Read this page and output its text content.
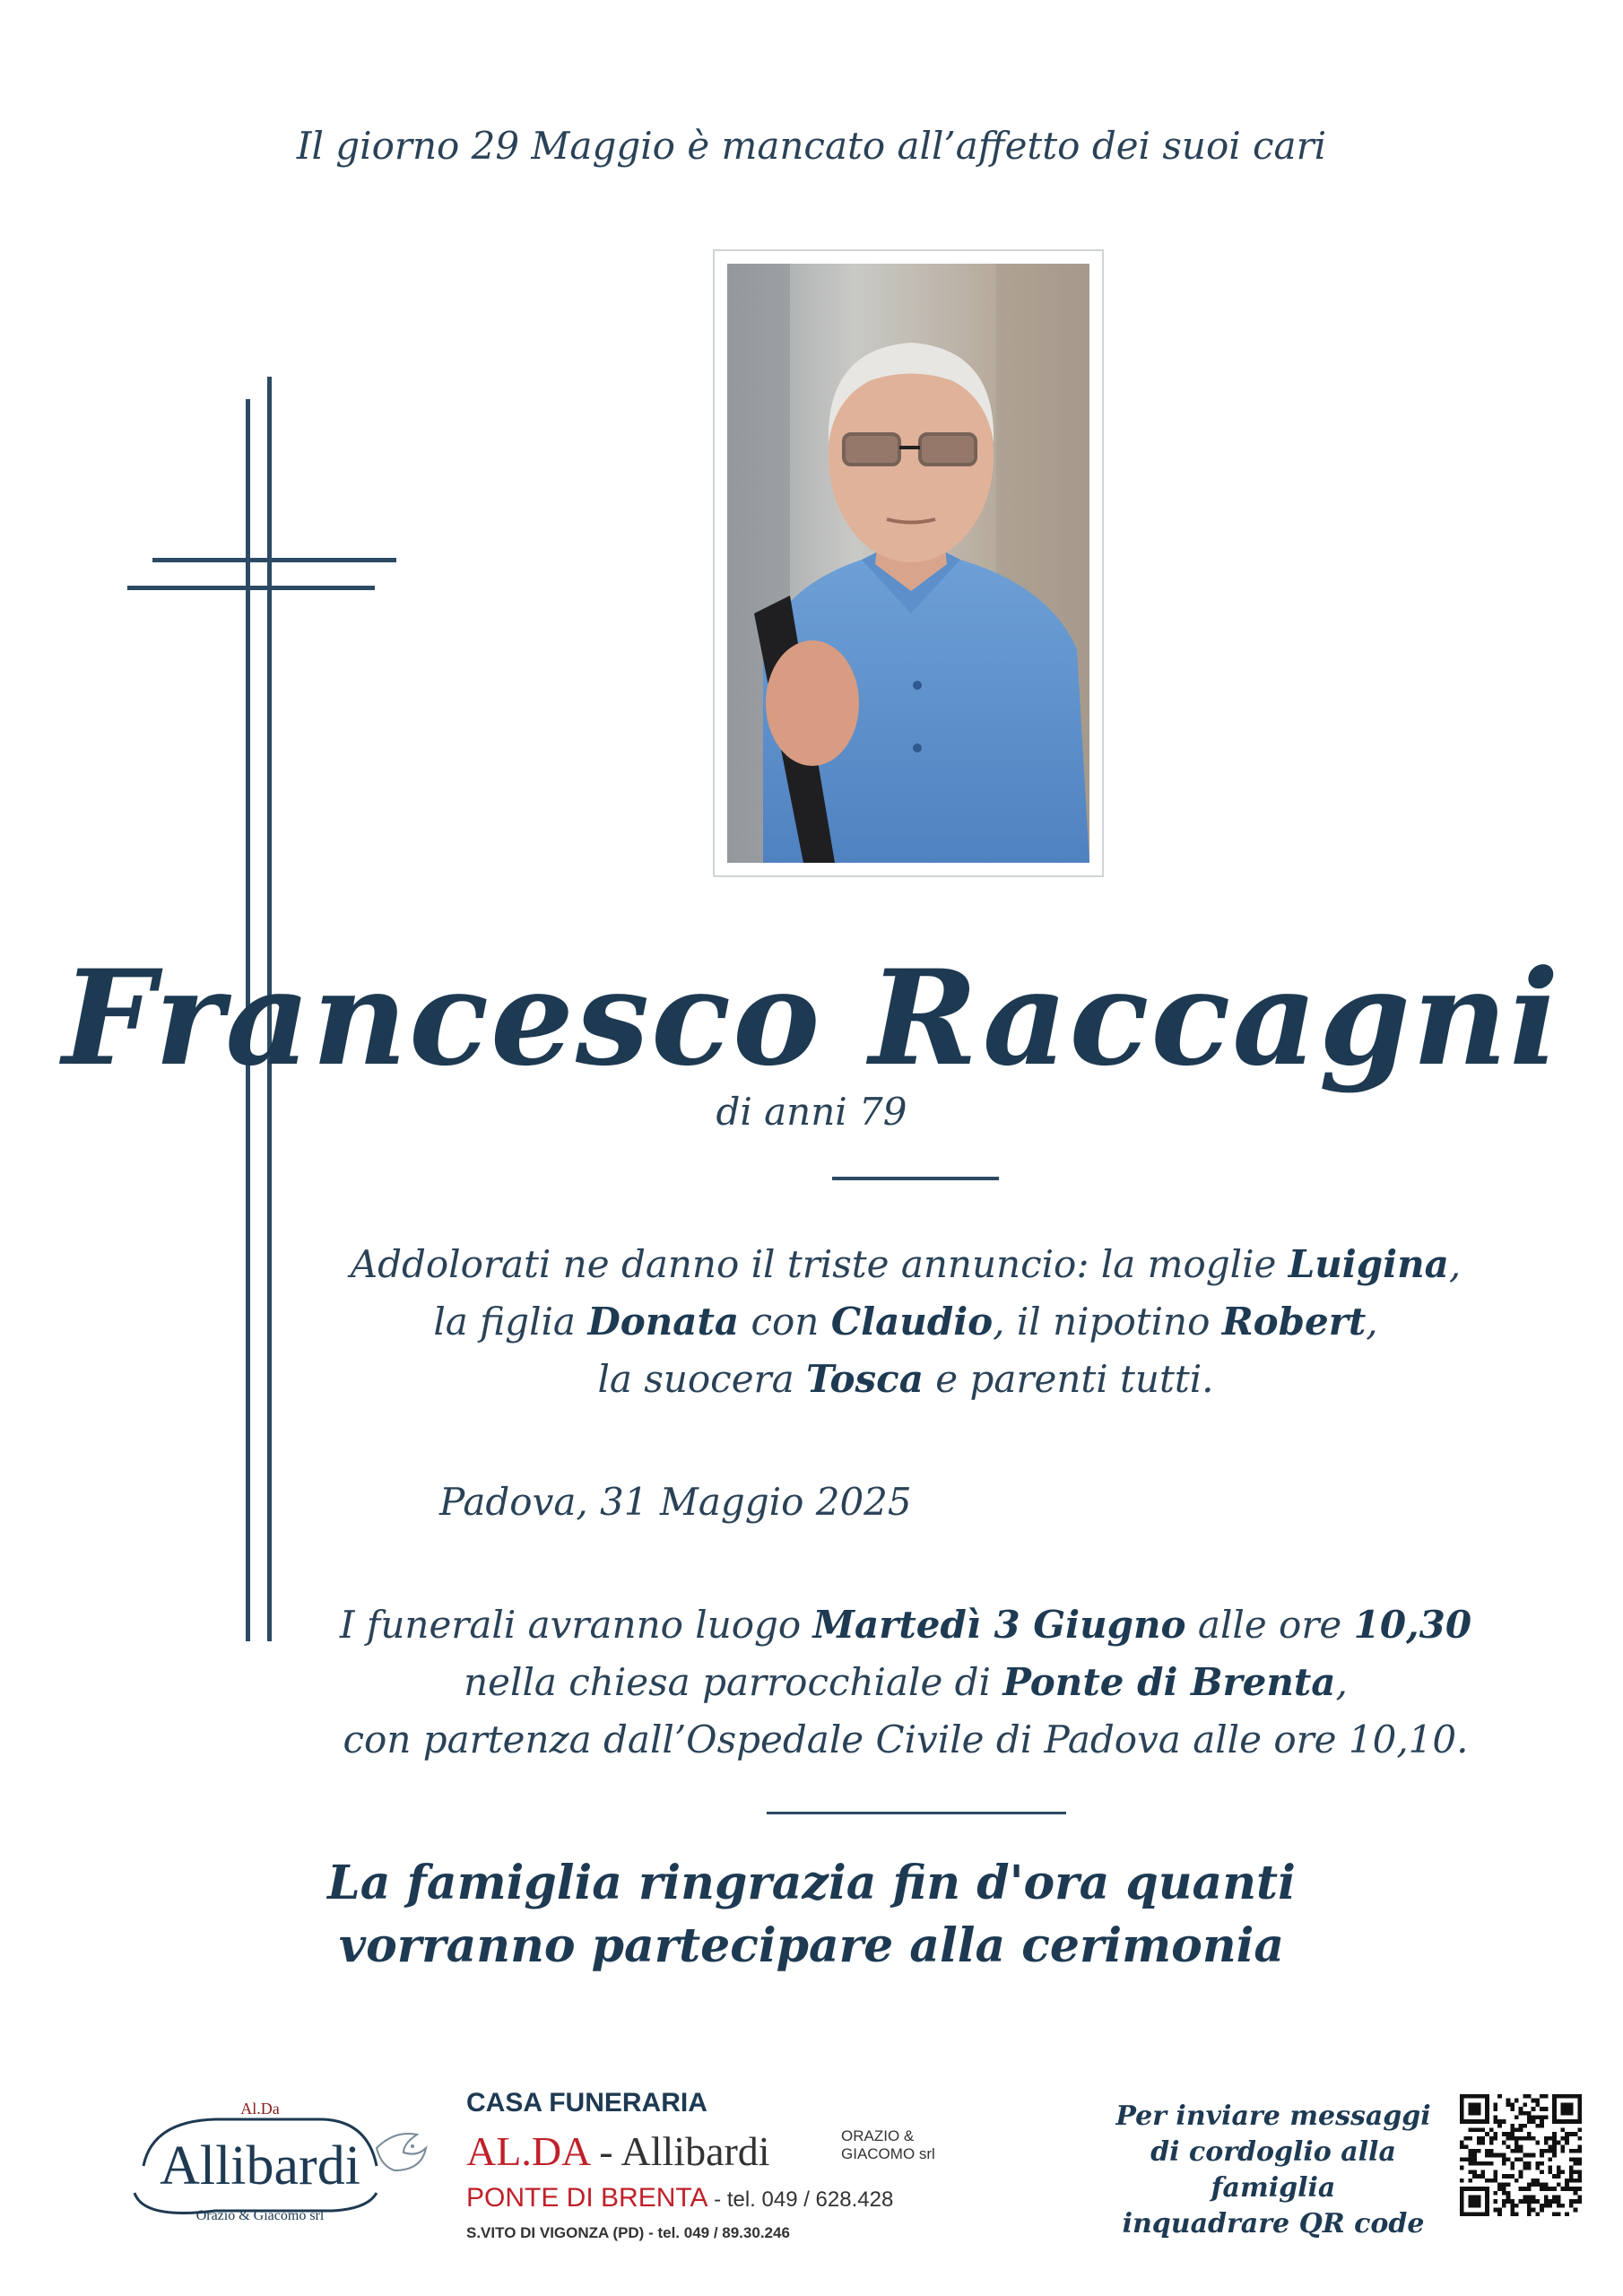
Il giorno 29 Maggio è mancato all’affetto dei suoi cari
Francesco Raccagni
di anni 79
Addolorati ne danno il triste annuncio: la moglie Luigina,
la figlia Donata con Claudio, il nipotino Robert,
la suocera Tosca e parenti tutti.
Padova, 31 Maggio 2025
I funerali avranno luogo Martedì 3 Giugno alle ore 10,30
nella chiesa parrocchiale di Ponte di Brenta,
con partenza dall’Ospedale Civile di Padova alle ore 10,10.
La famiglia ringrazia fin d'ora quanti
vorranno partecipare alla cerimonia
Al.Da
Allibardi
Orazio & Giacomo srl
CASA FUNERARIA
AL.DA - Allibardi	ORAZIO &
GIACOMO srl
PONTE DI BRENTA - tel. 049 / 628.428
S.VITO DI VIGONZA (PD) - tel. 049 / 89.30.246
Per inviare messaggi
di cordoglio alla famiglia
inquadrare QR code
